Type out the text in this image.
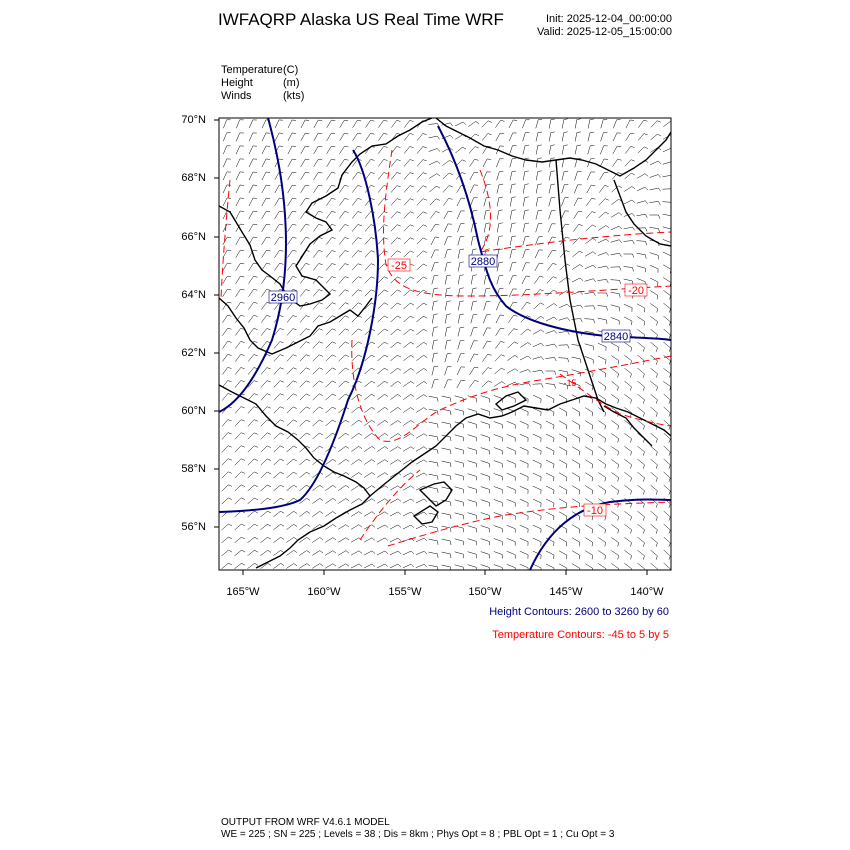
IWFAQRP Alaska US Real Time WRF	Init: 2025-12-04_00:00:00
Valid: 2025-12-05_15:00:00
Temperature (C)
Height	(m)
Winds	(kts)
70°N
68°N
66°N
64°N
62°N
60°N
58°N
56°N
165°W	160°W	155°W	150°W	145°W	140°W
2960
2880
2840
-25
-20
-10
-15
Height Contours: 2600 to 3260 by 60
Temperature Contours: -45 to 5 by 5
OUTPUT FROM WRF V4.6.1 MODEL
WE = 225 ; SN = 225 ; Levels = 38 ; Dis = 8km ; Phys Opt = 8 ; PBL Opt = 1 ; Cu Opt = 3
